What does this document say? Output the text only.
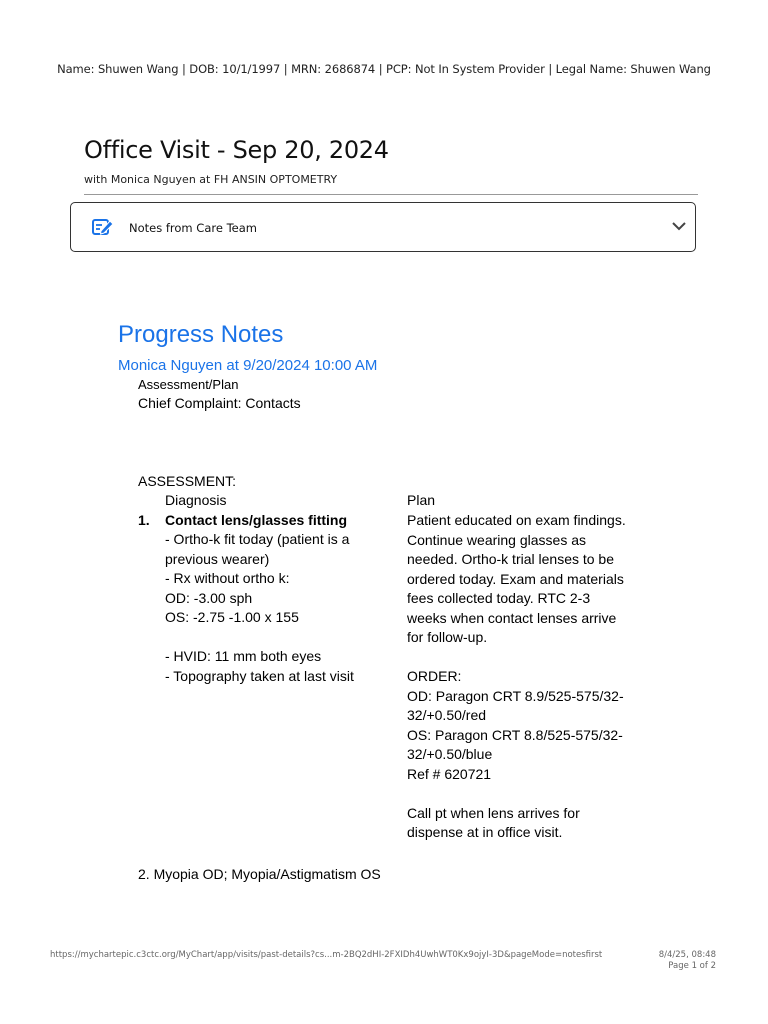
Name: Shuwen Wang | DOB: 10/1/1997 | MRN: 2686874 | PCP: Not In System Provider | Legal Name: Shuwen Wang
Office Visit - Sep 20, 2024
with Monica Nguyen at FH ANSIN OPTOMETRY
Notes from Care Team
Progress Notes
Monica Nguyen at 9/20/2024 10:00 AM
Assessment/Plan
Chief Complaint: Contacts
ASSESSMENT:
Diagnosis	Plan
1. Contact lens/glasses fitting
- Ortho-k fit today (patient is a
previous wearer)
- Rx without ortho k:
OD: -3.00 sph
OS: -2.75 -1.00 x 155
- HVID: 11 mm both eyes
- Topography taken at last visit
Patient educated on exam findings.
Continue wearing glasses as
needed. Ortho-k trial lenses to be
ordered today. Exam and materials
fees collected today. RTC 2-3
weeks when contact lenses arrive
for follow-up.
ORDER:
OD: Paragon CRT 8.9/525-575/32-
32/+0.50/red
OS: Paragon CRT 8.8/525-575/32-
32/+0.50/blue
Ref # 620721
Call pt when lens arrives for
dispense at in office visit.
2. Myopia OD; Myopia/Astigmatism OS
https://mychartepic.c3ctc.org/MyChart/app/visits/past-details?cs...m-2BQ2dHI-2FXIDh4UwhWT0Kx9ojyI-3D&pageMode=notesfirst	8/4/25, 08:48
Page 1 of 2
